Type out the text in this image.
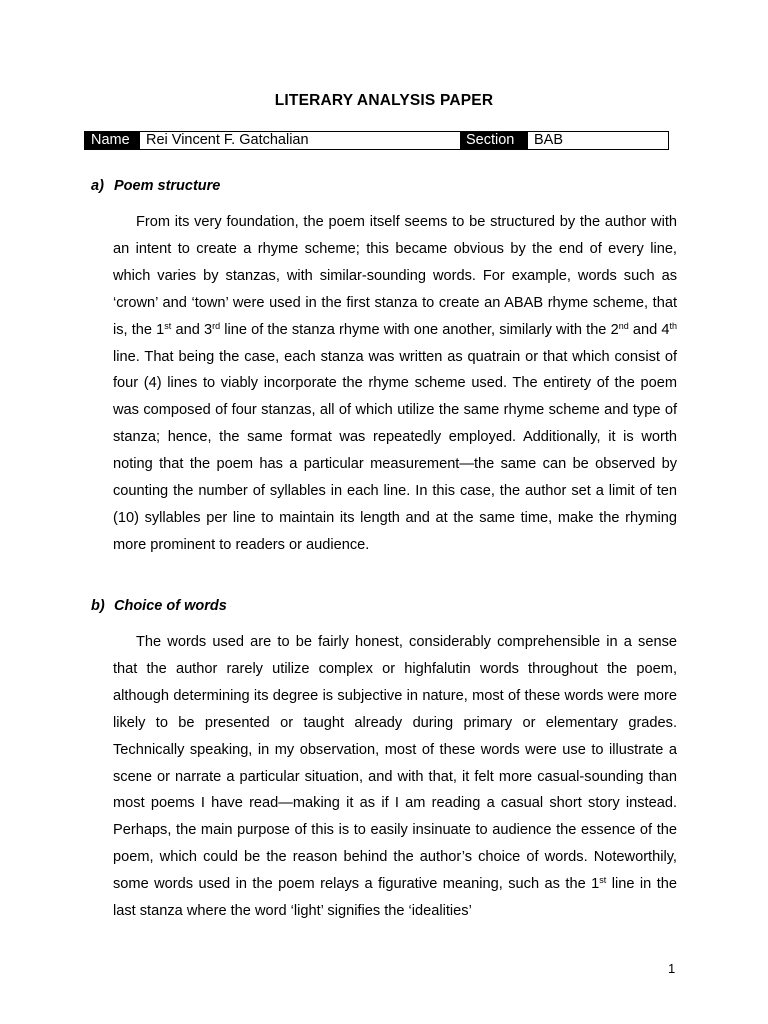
LITERARY ANALYSIS PAPER
Name	Rei Vincent F. Gatchalian	Section	BAB
a) Poem structure

From its very foundation, the poem itself seems to be structured by the author with an intent to create a rhyme scheme; this became obvious by the end of every line, which varies by stanzas, with similar-sounding words. For example, words such as ‘crown’ and ‘town’ were used in the first stanza to create an ABAB rhyme scheme, that is, the 1st and 3rd line of the stanza rhyme with one another, similarly with the 2nd and 4th line. That being the case, each stanza was written as quatrain or that which consist of four (4) lines to viably incorporate the rhyme scheme used. The entirety of the poem was composed of four stanzas, all of which utilize the same rhyme scheme and type of stanza; hence, the same format was repeatedly employed. Additionally, it is worth noting that the poem has a particular measurement—the same can be observed by counting the number of syllables in each line. In this case, the author set a limit of ten (10) syllables per line to maintain its length and at the same time, make the rhyming more prominent to readers or audience.

b) Choice of words

The words used are to be fairly honest, considerably comprehensible in a sense that the author rarely utilize complex or highfalutin words throughout the poem, although determining its degree is subjective in nature, most of these words were more likely to be presented or taught already during primary or elementary grades. Technically speaking, in my observation, most of these words were use to illustrate a scene or narrate a particular situation, and with that, it felt more casual-sounding than most poems I have read—making it as if I am reading a casual short story instead. Perhaps, the main purpose of this is to easily insinuate to audience the essence of the poem, which could be the reason behind the author’s choice of words. Noteworthily, some words used in the poem relays a figurative meaning, such as the 1st line in the last stanza where the word ‘light’ signifies the ‘idealities’

1
